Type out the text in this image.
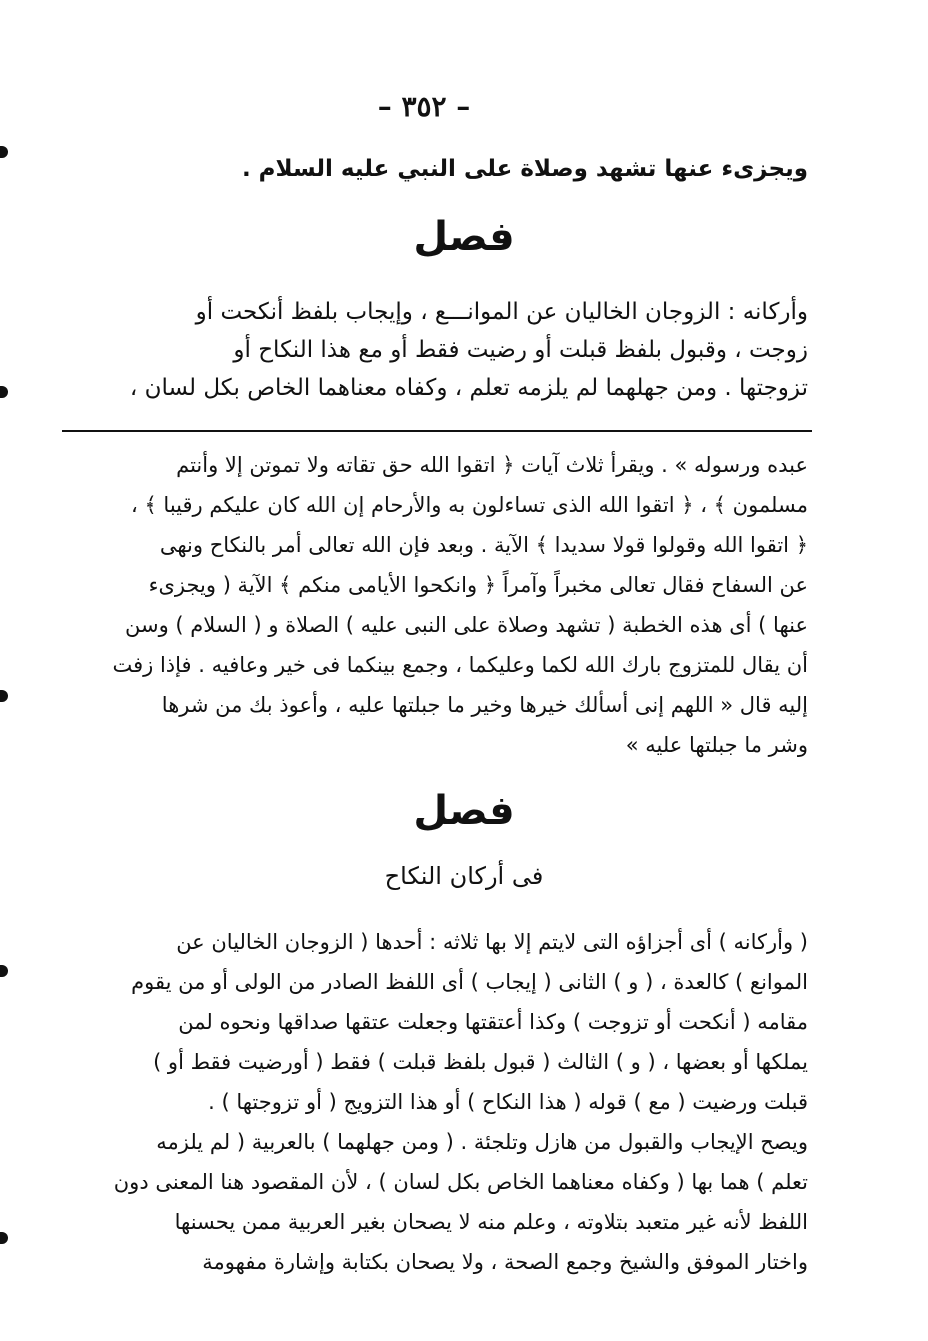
– ٣٥٢ –
ويجزىء عنها تشهد وصلاة على النبي عليه السلام .
فصل
وأركانه : الزوجان الخاليان عن الموانـــع ، وإيجاب بلفظ أنكحت أو
زوجت ، وقبول بلفظ قبلت أو رضيت فقط أو مع هذا النكاح أو
تزوجتها . ومن جهلهما لم يلزمه تعلم ، وكفاه معناهما الخاص بكل لسان ،
عبده ورسوله » . ويقرأ ثلاث آيات ﴿ اتقوا الله حق تقاته ولا تموتن إلا وأنتم
مسلمون ﴾ ، ﴿ اتقوا الله الذى تساءلون به والأرحام إن الله كان عليكم رقيبا ﴾ ،
﴿ اتقوا الله وقولوا قولا سديدا ﴾ الآية . وبعد فإن الله تعالى أمر بالنكاح ونهى
عن السفاح فقال تعالى مخبراً وآمراً ﴿ وانكحوا الأيامى منكم ﴾ الآية ( ويجزىء
عنها ) أى هذه الخطبة ( تشهد وصلاة على النبى عليه ) الصلاة و ( السلام ) وسن
أن يقال للمتزوج بارك الله لكما وعليكما ، وجمع بينكما فى خير وعافيه . فإذا زفت
إليه قال « اللهم إنى أسألك خيرها وخير ما جبلتها عليه ، وأعوذ بك من شرها
وشر ما جبلتها عليه »
فصل
فى أركان النكاح
( وأركانه ) أى أجزاؤه التى لايتم إلا بها ثلاثه : أحدها ( الزوجان الخاليان عن
الموانع ) كالعدة ، ( و ) الثانى ( إيجاب ) أى اللفظ الصادر من الولى أو من يقوم
مقامه ( أنكحت أو تزوجت ) وكذا أعتقتها وجعلت عتقها صداقها ونحوه لمن
يملكها أو بعضها ، ( و ) الثالث ( قبول بلفظ قبلت ) فقط ( أورضيت فقط أو )
قبلت ورضيت ( مع ) قوله ( هذا النكاح ) أو هذا التزويج ( أو تزوجتها ) .
ويصح الإيجاب والقبول من هازل وتلجئة . ( ومن جهلهما ) بالعربية ( لم يلزمه
تعلم ) هما بها ( وكفاه معناهما الخاص بكل لسان ) ، لأن المقصود هنا المعنى دون
اللفظ لأنه غير متعبد بتلاوته ، وعلم منه لا يصحان بغير العربية ممن يحسنها
واختار الموفق والشيخ وجمع الصحة ، ولا يصحان بكتابة وإشارة مفهومة
